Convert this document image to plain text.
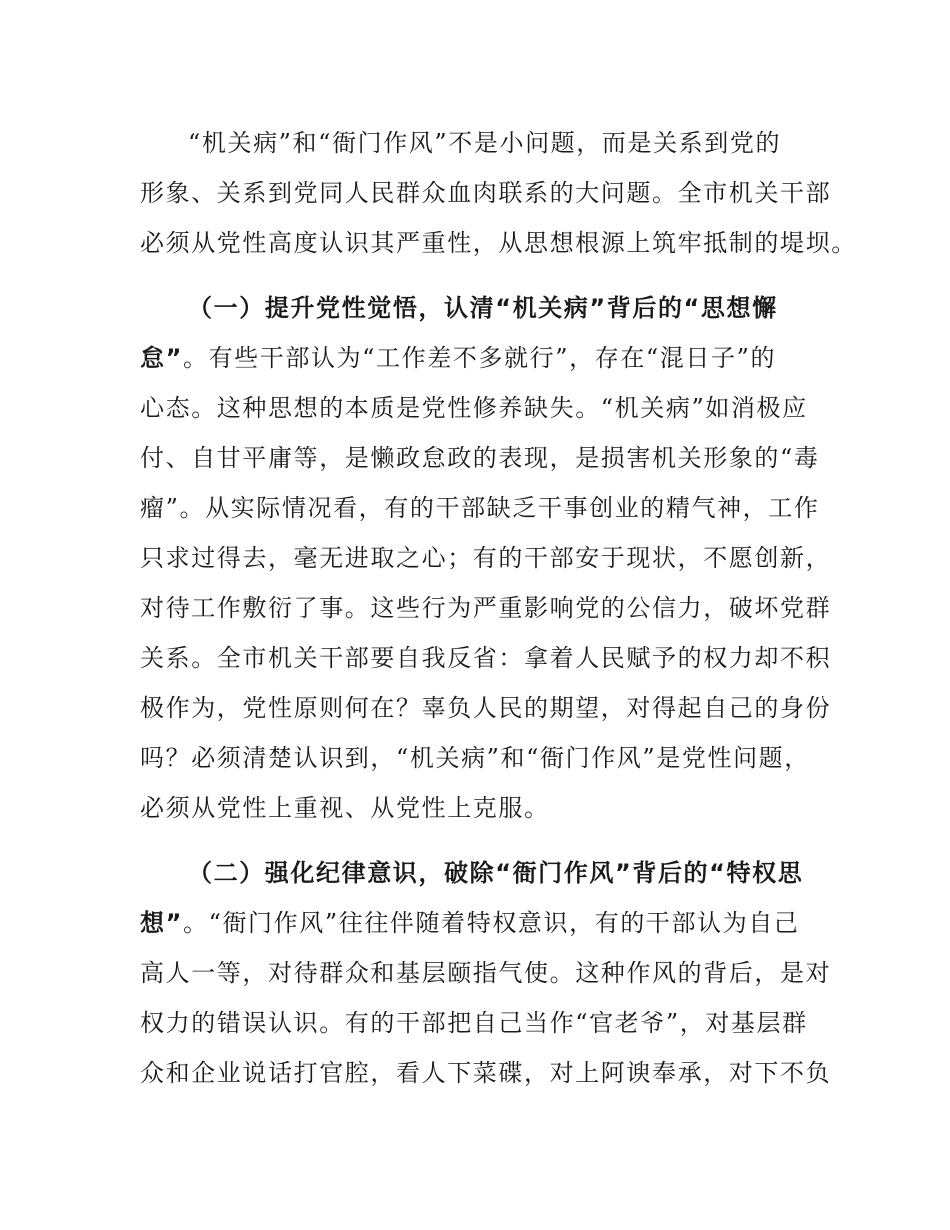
“机关病”和“衙门作风”不是小问题，而是关系到党的
形象、关系到党同人民群众血肉联系的大问题。全市机关干部
必须从党性高度认识其严重性，从思想根源上筑牢抵制的堤坝。
（一）提升党性觉悟，认清“机关病”背后的“思想懈
怠”。有些干部认为“工作差不多就行”，存在“混日子”的
心态。这种思想的本质是党性修养缺失。“机关病”如消极应
付、自甘平庸等，是懒政怠政的表现，是损害机关形象的“毒
瘤”。从实际情况看，有的干部缺乏干事创业的精气神，工作
只求过得去，毫无进取之心；有的干部安于现状，不愿创新，
对待工作敷衍了事。这些行为严重影响党的公信力，破坏党群
关系。全市机关干部要自我反省：拿着人民赋予的权力却不积
极作为，党性原则何在？辜负人民的期望，对得起自己的身份
吗？必须清楚认识到，“机关病”和“衙门作风”是党性问题，
必须从党性上重视、从党性上克服。
（二）强化纪律意识，破除“衙门作风”背后的“特权思
想”。“衙门作风”往往伴随着特权意识，有的干部认为自己
高人一等，对待群众和基层颐指气使。这种作风的背后，是对
权力的错误认识。有的干部把自己当作“官老爷”，对基层群
众和企业说话打官腔，看人下菜碟，对上阿谀奉承，对下不负
